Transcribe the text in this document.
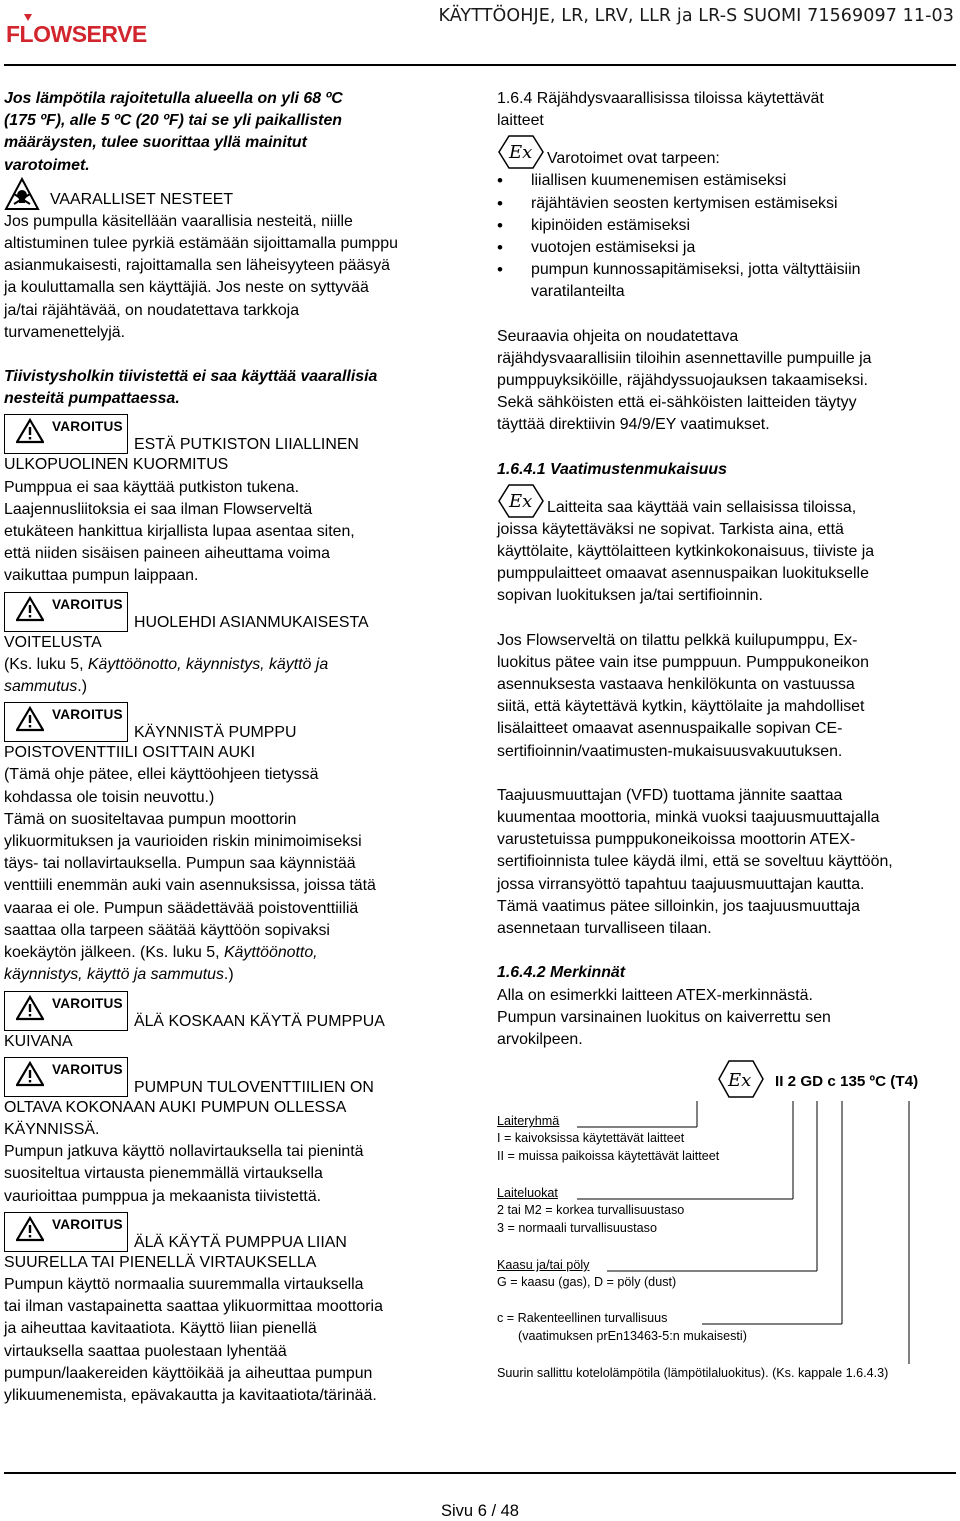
FLOWSERVE
KÄYTTÖOHJE, LR, LRV, LLR ja LR-S SUOMI 71569097 11-03

Jos lämpötila rajoitetulla alueella on yli 68 ºC

(175 ºF), alle 5 ºC (20 ºF) tai se yli paikallisten

määräysten, tulee suorittaa yllä mainitut

varotoimet.

VAARALLISET NESTEET

Jos pumpulla käsitellään vaarallisia nesteitä, niille

altistuminen tulee pyrkiä estämään sijoittamalla pumppu

asianmukaisesti, rajoittamalla sen läheisyyteen pääsyä

ja kouluttamalla sen käyttäjiä. Jos neste on syttyvää

ja/tai räjähtävää, on noudatettava tarkkoja

turvamenettelyjä.

Tiivistysholkin tiivistettä ei saa käyttää vaarallisia

nesteitä pumpattaessa.

VAROITUS
ESTÄ PUTKISTON LIIALLINEN

ULKOPUOLINEN KUORMITUS

Pumppua ei saa käyttää putkiston tukena.

Laajennusliitoksia ei saa ilman Flowserveltä

etukäteen hankittua kirjallista lupaa asentaa siten,

että niiden sisäisen paineen aiheuttama voima

vaikuttaa pumpun laippaan.

VAROITUS
HUOLEHDI ASIANMUKAISESTA

VOITELUSTA

(Ks. luku 5, Käyttöönotto, käynnistys, käyttö ja

sammutus.)

VAROITUS
KÄYNNISTÄ PUMPPU

POISTOVENTTIILI OSITTAIN AUKI

(Tämä ohje pätee, ellei käyttöohjeen tietyssä

kohdassa ole toisin neuvottu.)

Tämä on suositeltavaa pumpun moottorin

ylikuormituksen ja vaurioiden riskin minimoimiseksi

täys- tai nollavirtauksella. Pumpun saa käynnistää

venttiili enemmän auki vain asennuksissa, joissa tätä

vaaraa ei ole. Pumpun säädettävää poistoventtiiliä

saattaa olla tarpeen säätää käyttöön sopivaksi

koekäytön jälkeen. (Ks. luku 5, Käyttöönotto,

käynnistys, käyttö ja sammutus.)

VAROITUS
ÄLÄ KOSKAAN KÄYTÄ PUMPPUA

KUIVANA

VAROITUS
PUMPUN TULOVENTTIILIEN ON

OLTAVA KOKONAAN AUKI PUMPUN OLLESSA

KÄYNNISSÄ.

Pumpun jatkuva käyttö nollavirtauksella tai pienintä

suositeltua virtausta pienemmällä virtauksella

vaurioittaa pumppua ja mekaanista tiivistettä.

VAROITUS
ÄLÄ KÄYTÄ PUMPPUA LIIAN

SUURELLA TAI PIENELLÄ VIRTAUKSELLA

Pumpun käyttö normaalia suuremmalla virtauksella

tai ilman vastapainetta saattaa ylikuormittaa moottoria

ja aiheuttaa kavitaatiota. Käyttö liian pienellä

virtauksella saattaa puolestaan lyhentää

pumpun/laakereiden käyttöikää ja aiheuttaa pumpun

ylikuumenemista, epävakautta ja kavitaatiota/tärinää.

1.6.4 Räjähdysvaarallisissa tiloissa käytettävät

laitteet

Ex Varotoimet ovat tarpeen:
• liiallisen kuumenemisen estämiseksi
• räjähtävien seosten kertymisen estämiseksi
• kipinöiden estämiseksi
• vuotojen estämiseksi ja
• pumpun kunnossapitämiseksi, jotta vältyttäisiin

varatilanteilta

Seuraavia ohjeita on noudatettava

räjähdysvaarallisiin tiloihin asennettaville pumpuille ja

pumppuyksiköille, räjähdyssuojauksen takaamiseksi.

Sekä sähköisten että ei-sähköisten laitteiden täytyy

täyttää direktiivin 94/9/EY vaatimukset.

1.6.4.1 Vaatimustenmukaisuus

Ex Laitteita saa käyttää vain sellaisissa tiloissa,

joissa käytettäväksi ne sopivat. Tarkista aina, että

käyttölaite, käyttölaitteen kytkinkokonaisuus, tiiviste ja

pumppulaitteet omaavat asennuspaikan luokitukselle

sopivan luokituksen ja/tai sertifioinnin.

Jos Flowserveltä on tilattu pelkkä kuilupumppu, Ex-

luokitus pätee vain itse pumppuun. Pumppukoneikon

asennuksesta vastaava henkilökunta on vastuussa

siitä, että käytettävä kytkin, käyttölaite ja mahdolliset

lisälaitteet omaavat asennuspaikalle sopivan CE-

sertifioinnin/vaatimusten-mukaisuusvakuutuksen.

Taajuusmuuttajan (VFD) tuottama jännite saattaa

kuumentaa moottoria, minkä vuoksi taajuusmuuttajalla

varustetuissa pumppukoneikoissa moottorin ATEX-

sertifioinnista tulee käydä ilmi, että se soveltuu käyttöön,

jossa virransyöttö tapahtuu taajuusmuuttajan kautta.

Tämä vaatimus pätee silloinkin, jos taajuusmuuttaja

asennetaan turvalliseen tilaan.

1.6.4.2 Merkinnät

Alla on esimerkki laitteen ATEX-merkinnästä.

Pumpun varsinainen luokitus on kaiverrettu sen

arvokilpeen.

Ex II 2 GD c 135 ºC (T4)
Laiteryhmä
I = kaivoksissa käytettävät laitteet
II = muissa paikoissa käytettävät laitteet
Laiteluokat
2 tai M2 = korkea turvallisuustaso
3 = normaali turvallisuustaso
Kaasu ja/tai pöly
G = kaasu (gas), D = pöly (dust)
c = Rakenteellinen turvallisuus
(vaatimuksen prEn13463-5:n mukaisesti)
Suurin sallittu kotelolämpötila (lämpötilaluokitus). (Ks. kappale 1.6.4.3)
Sivu 6 / 48
